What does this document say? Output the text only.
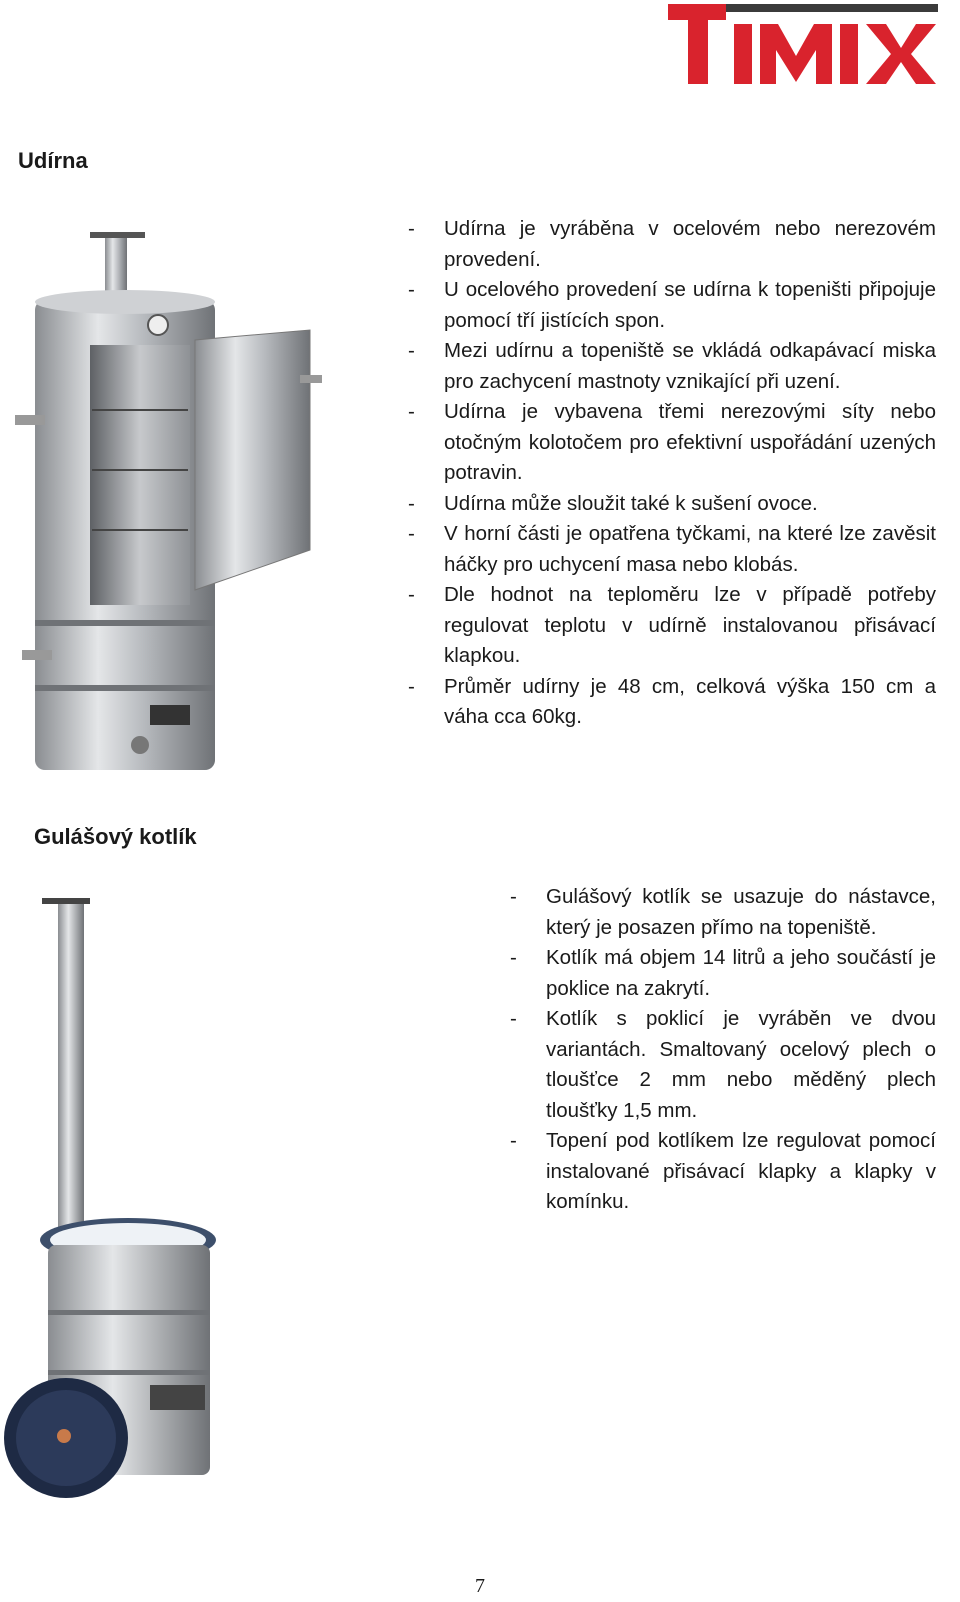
Udírna
- Udírna je vyráběna v ocelovém nebo nerezovém provedení.
- U ocelového provedení se udírna k topeništi připojuje pomocí tří jistících spon.
- Mezi udírnu a topeniště se vkládá odkapávací miska pro zachycení mastnoty vznikající při uzení.
- Udírna je vybavena třemi nerezovými síty nebo otočným kolotočem pro efektivní uspořádání uzených potravin.
- Udírna může sloužit také k sušení ovoce.
- V horní části je opatřena tyčkami, na které lze zavěsit háčky pro uchycení masa nebo klobás.
- Dle hodnot na teploměru lze v případě potřeby regulovat teplotu v udírně instalovanou přisávací klapkou.
- Průměr udírny je 48 cm, celková výška 150 cm a váha cca 60kg.
Gulášový kotlík
- Gulášový kotlík se usazuje do nástavce, který je posazen přímo na topeniště.
- Kotlík má objem 14 litrů a jeho součástí je poklice na zakrytí.
- Kotlík s poklicí je vyráběn ve dvou variantách. Smaltovaný ocelový plech o tloušťce 2 mm nebo měděný plech tloušťky 1,5 mm.
- Topení pod kotlíkem lze regulovat pomocí instalované přisávací klapky a klapky v komínku.

7
